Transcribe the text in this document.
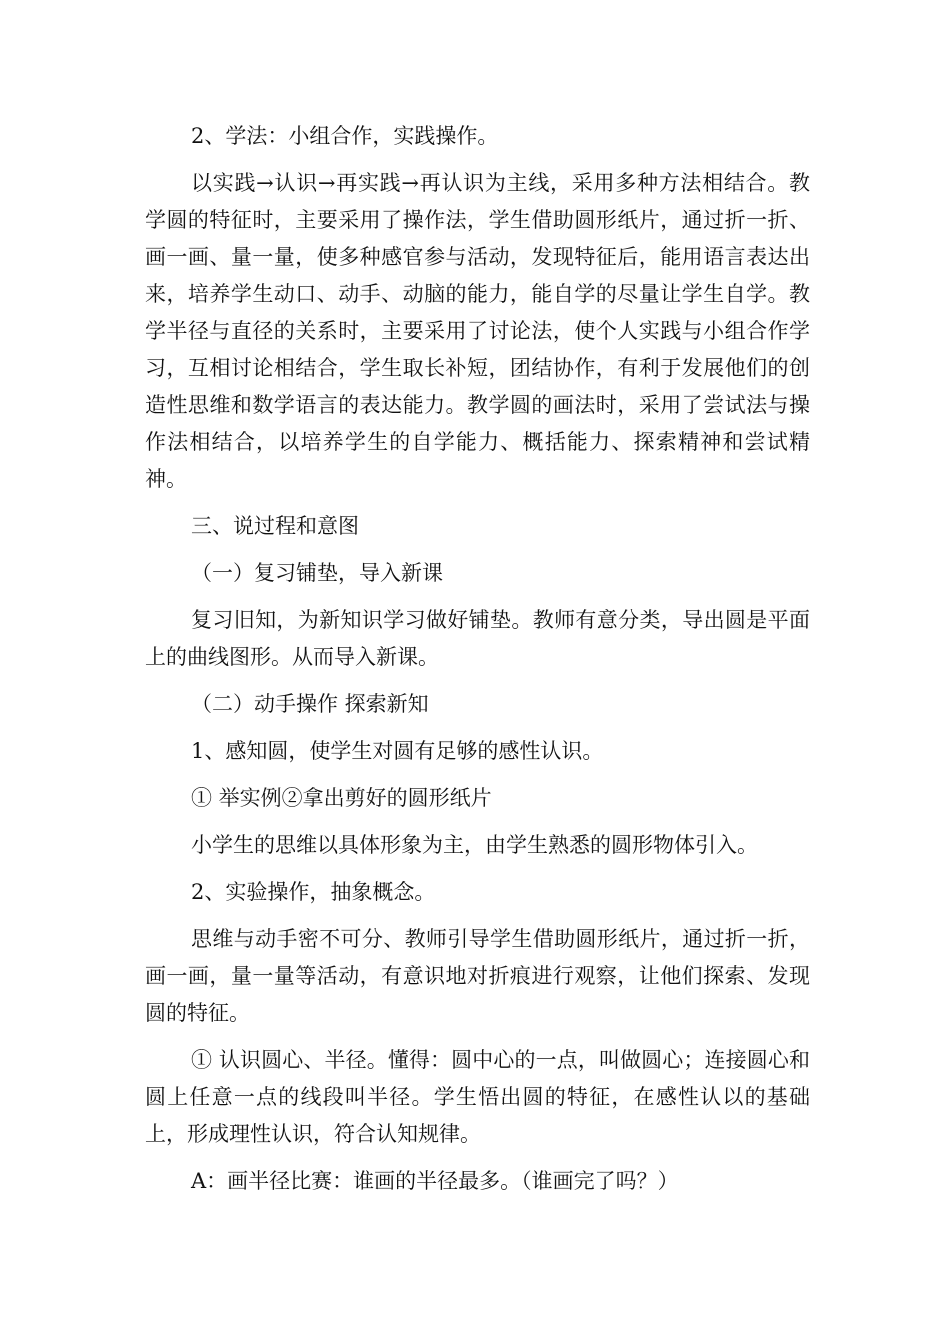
2、学法：小组合作，实践操作。

以实践→认识→再实践→再认识为主线，采用多种方法相结合。教学圆的特征时，主要采用了操作法，学生借助圆形纸片，通过折一折、画一画、量一量，使多种感官参与活动，发现特征后，能用语言表达出来，培养学生动口、动手、动脑的能力，能自学的尽量让学生自学。教学半径与直径的关系时，主要采用了讨论法，使个人实践与小组合作学习，互相讨论相结合，学生取长补短，团结协作，有利于发展他们的创造性思维和数学语言的表达能力。教学圆的画法时，采用了尝试法与操作法相结合，以培养学生的自学能力、概括能力、探索精神和尝试精神。

三、说过程和意图

（一）复习铺垫，导入新课

复习旧知，为新知识学习做好铺垫。教师有意分类，导出圆是平面上的曲线图形。从而导入新课。

（二）动手操作 探索新知

1、感知圆，使学生对圆有足够的感性认识。

① 举实例②拿出剪好的圆形纸片

小学生的思维以具体形象为主，由学生熟悉的圆形物体引入。

2、实验操作，抽象概念。

思维与动手密不可分、教师引导学生借助圆形纸片，通过折一折，画一画，量一量等活动，有意识地对折痕进行观察，让他们探索、发现圆的特征。

① 认识圆心、半径。懂得：圆中心的一点，叫做圆心；连接圆心和圆上任意一点的线段叫半径。学生悟出圆的特征，在感性认以的基础上，形成理性认识，符合认知规律。

A：画半径比赛：谁画的半径最多。（谁画完了吗？）
